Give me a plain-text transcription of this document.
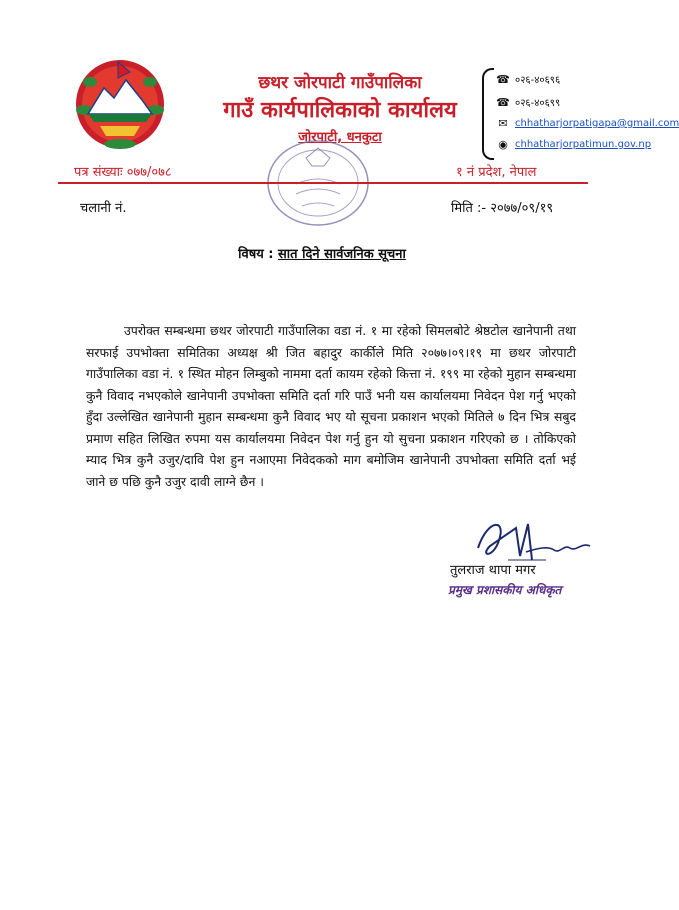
छथर जोरपाटी गाउँपालिका
गाउँ कार्यपालिकाको कार्यालय
जोरपाटी, धनकुटा
☎ ०२६-४०६९६
☎ ०२६-४०६९९
✉ chhatharjorpatigapa@gmail.com
◉ chhatharjorpatimun.gov.np
पत्र संख्याः ०७७/०७८	१ नं प्रदेश, नेपाल
चलानी नं.	मिति :- २०७७/०९/१९
विषय : सात दिने सार्वजनिक सूचना
उपरोक्त सम्बन्धमा छथर जोरपाटी गाउँपालिका वडा नं. १ मा रहेको सिमलबोटे श्रेष्ठटोल खानेपानी तथा सरफाई उपभोक्ता समितिका अध्यक्ष श्री जित बहादुर कार्कीले मिति २०७७।०९।१९ मा छथर जोरपाटी गाउँपालिका वडा नं. १ स्थित मोहन लिम्बुको नाममा दर्ता कायम रहेको कित्ता नं. १९९ मा रहेको मुहान सम्बन्धमा कुनै विवाद नभएकोले खानेपानी उपभोक्ता समिति दर्ता गरि पाउँ भनी यस कार्यालयमा निवेदन पेश गर्नु भएको हुँदा उल्लेखित खानेपानी मुहान सम्बन्धमा कुनै विवाद भए यो सूचना प्रकाशन भएको मितिले ७ दिन भित्र सबुद प्रमाण सहित लिखित रुपमा यस कार्यालयमा निवेदन पेश गर्नु हुन यो सुचना प्रकाशन गरिएको छ । तोकिएको म्याद भित्र कुनै उजुर/दावि पेश हुन नआएमा निवेदकको माग बमोजिम खानेपानी उपभोक्ता समिति दर्ता भई जाने छ पछि कुनै उजुर दावी लाग्ने छैन ।
तुलराज थापा मगर
प्रमुख प्रशासकीय अधिकृत
